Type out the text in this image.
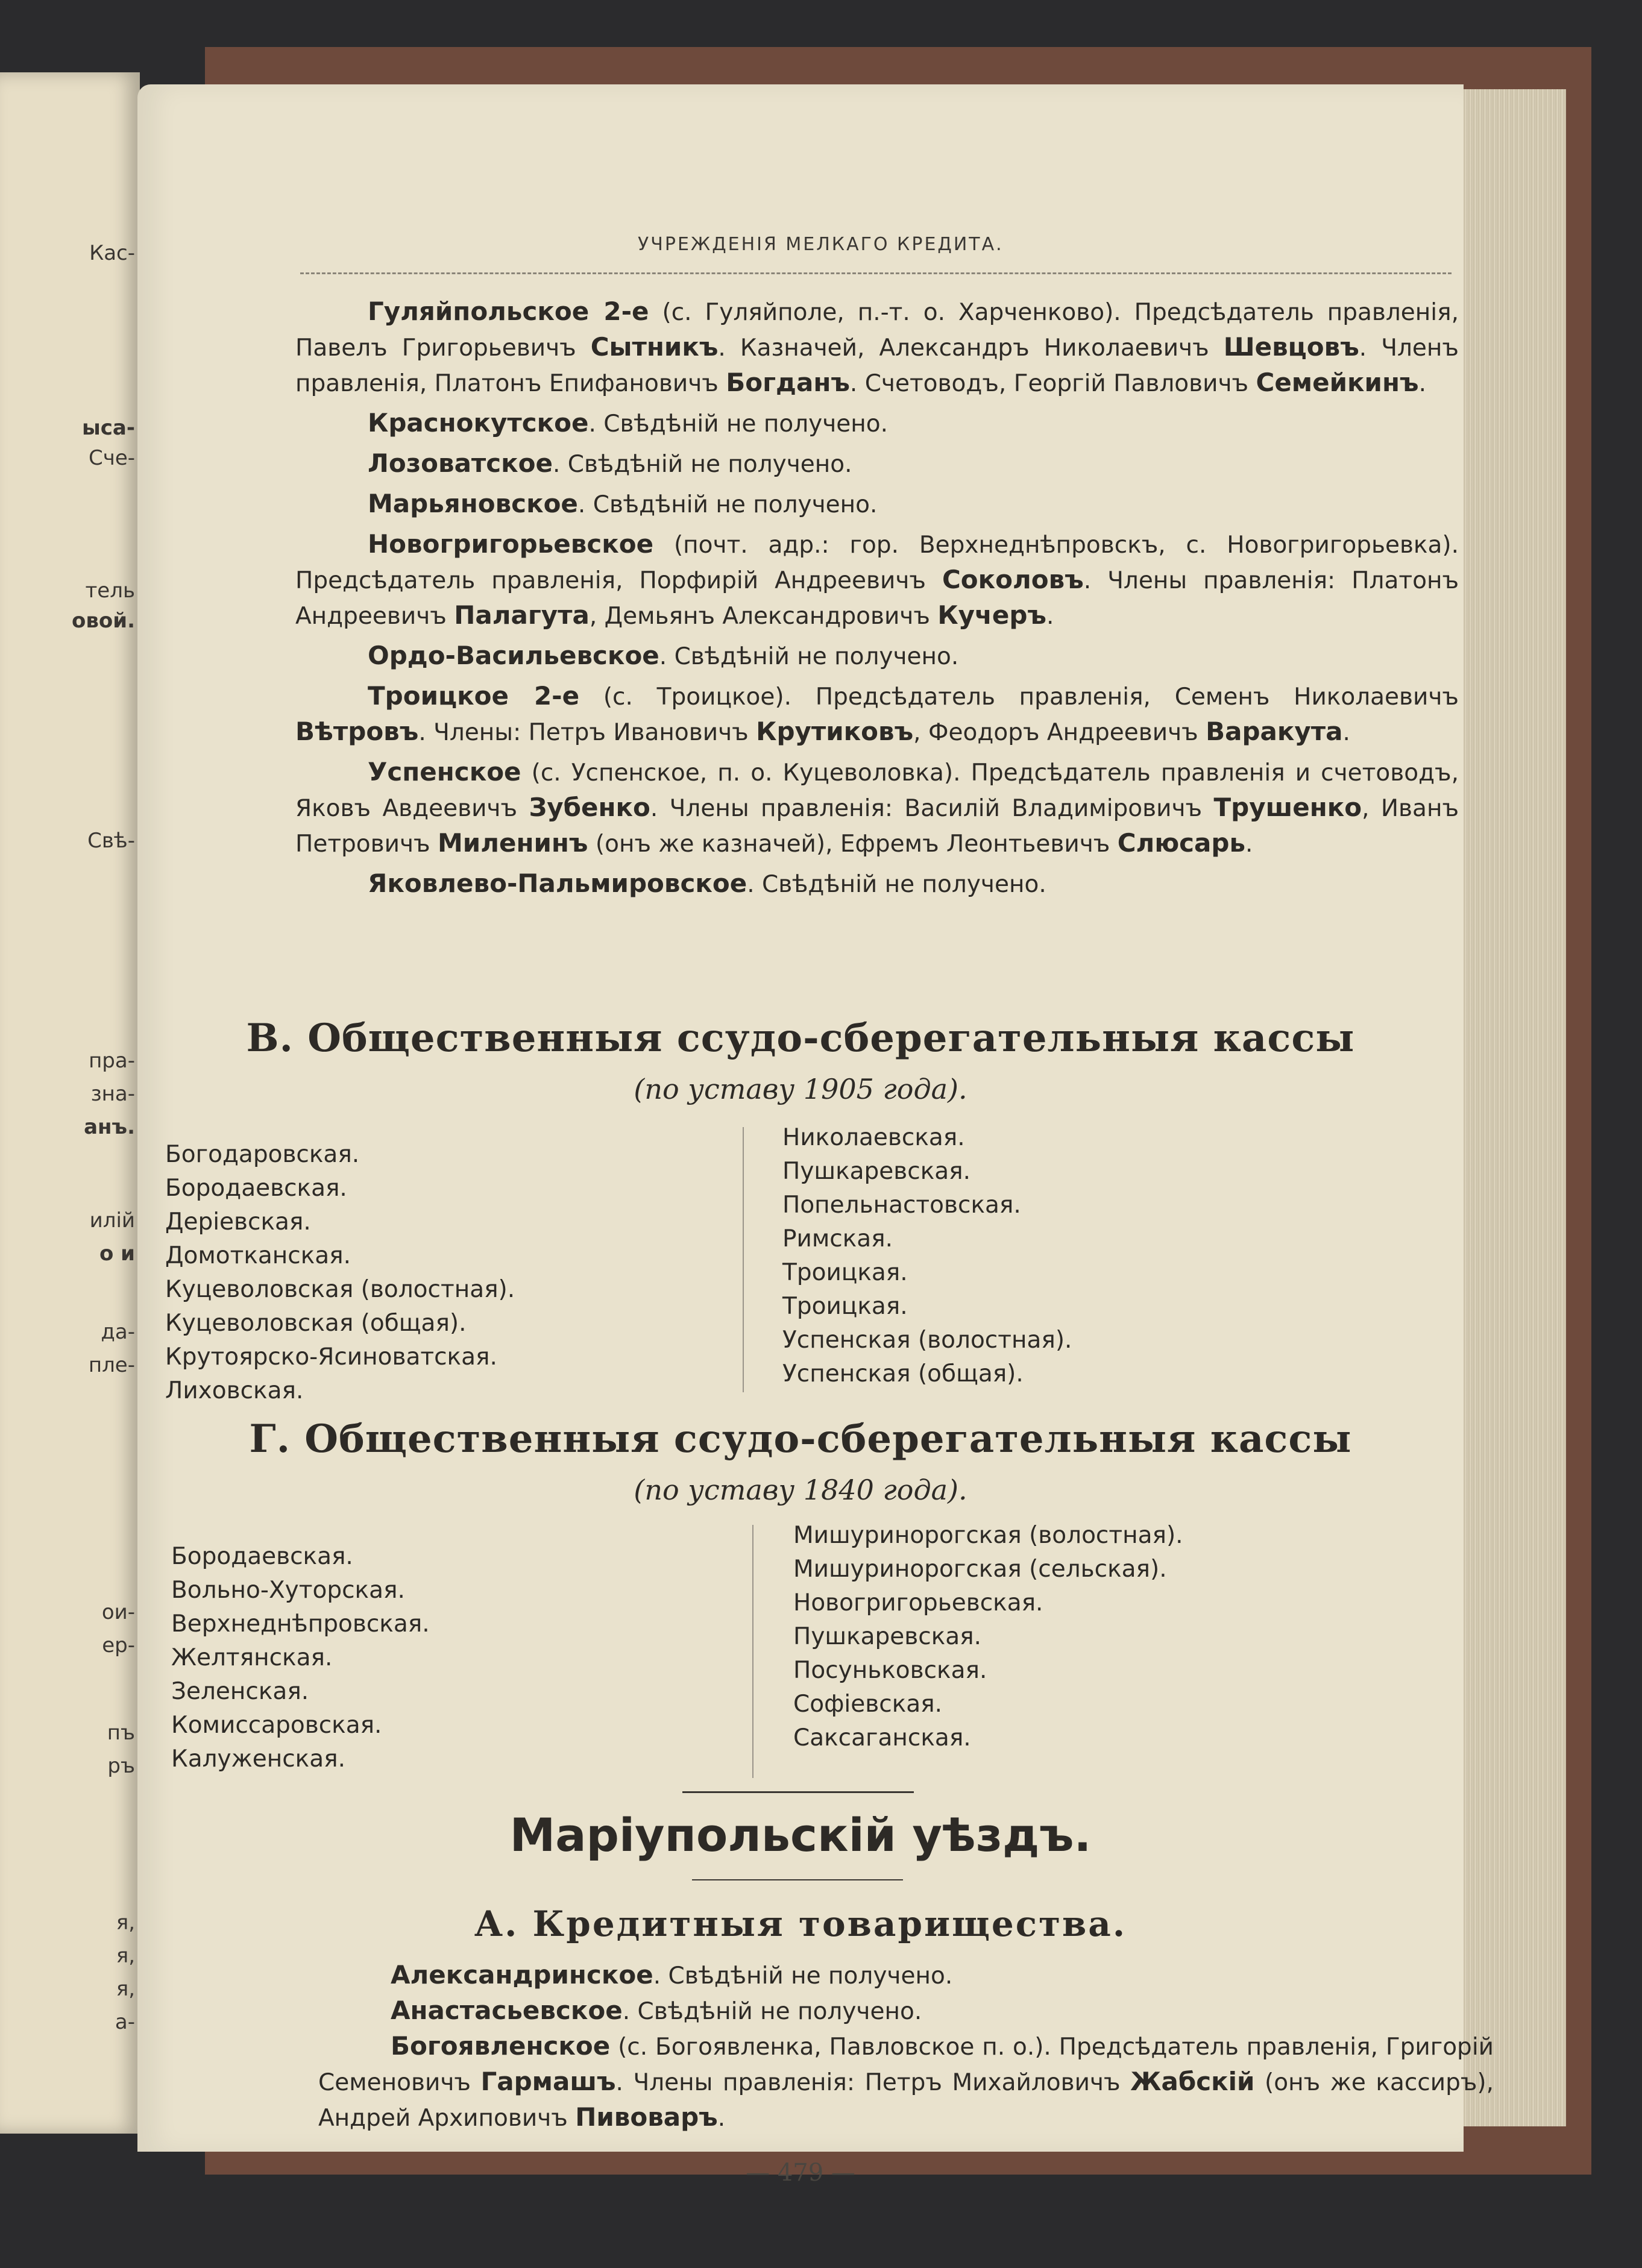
Кас-
ыса-
Сче-
тель
овой.
Свѣ-
пра-
зна-
анъ.
илій
о и
да-
пле-
ои-
ер-
пъ
ръ
я,
я,
я,
а-
УЧРЕЖДЕНІЯ МЕЛКАГО КРЕДИТА.

Гуляйпольское 2-е (с. Гуляйполе, п.-т. о. Харченково). Предсѣдатель правленія, Павелъ Григорьевичъ Сытникъ. Казначей, Александръ Николаевичъ Шевцовъ. Членъ правленія, Платонъ Епифановичъ Богданъ. Счетоводъ, Георгій Павловичъ Семейкинъ.

Краснокутское. Свѣдѣній не получено.

Лозоватское. Свѣдѣній не получено.

Марьяновское. Свѣдѣній не получено.

Новогригорьевское (почт. адр.: гор. Верхнеднѣпровскъ, с. Новогригорьевка). Предсѣдатель правленія, Порфирій Андреевичъ Соколовъ. Члены правленія: Платонъ Андреевичъ Палагута, Демьянъ Александровичъ Кучеръ.

Ордо-Васильевское. Свѣдѣній не получено.

Троицкое 2-е (с. Троицкое). Предсѣдатель правленія, Семенъ Николаевичъ Вѣтровъ. Члены: Петръ Ивановичъ Крутиковъ, Феодоръ Андреевичъ Варакута.

Успенское (с. Успенское, п. о. Куцеволовка). Предсѣдатель правленія и счетоводъ, Яковъ Авдеевичъ Зубенко. Члены правленія: Василій Владиміровичъ Трушенко, Иванъ Петровичъ Миленинъ (онъ же казначей), Ефремъ Леонтьевичъ Слюсарь.

Яковлево-Пальмировское. Свѣдѣній не получено.

В. Общественныя ссудо-сберегательныя кассы
(по уставу 1905 года).
Богодаровская.
Бородаевская.
Деріевская.
Домотканская.
Куцеволовская (волостная).
Куцеволовская (общая).
Крутоярско-Ясиноватская.
Лиховская.
Николаевская.
Пушкаревская.
Попельнастовская.
Римская.
Троицкая.
Троицкая.
Успенская (волостная).
Успенская (общая).
Г. Общественныя ссудо-сберегательныя кассы
(по уставу 1840 года).
Бородаевская.
Вольно-Хуторская.
Верхнеднѣпровская.
Желтянская.
Зеленская.
Комиссаровская.
Калуженская.
Мишуринорогская (волостная).
Мишуринорогская (сельская).
Новогригорьевская.
Пушкаревская.
Посуньковская.
Софіевская.
Саксаганская.
Маріупольскій уѣздъ.
А. Кредитныя товарищества.

Александринское. Свѣдѣній не получено.

Анастасьевское. Свѣдѣній не получено.

Богоявленское (с. Богоявленка, Павловское п. о.). Предсѣдатель правленія, Григорій Семеновичъ Гармашъ. Члены правленія: Петръ Михайловичъ Жабскій (онъ же кассиръ), Андрей Архиповичъ Пивоваръ.

— 479 —
